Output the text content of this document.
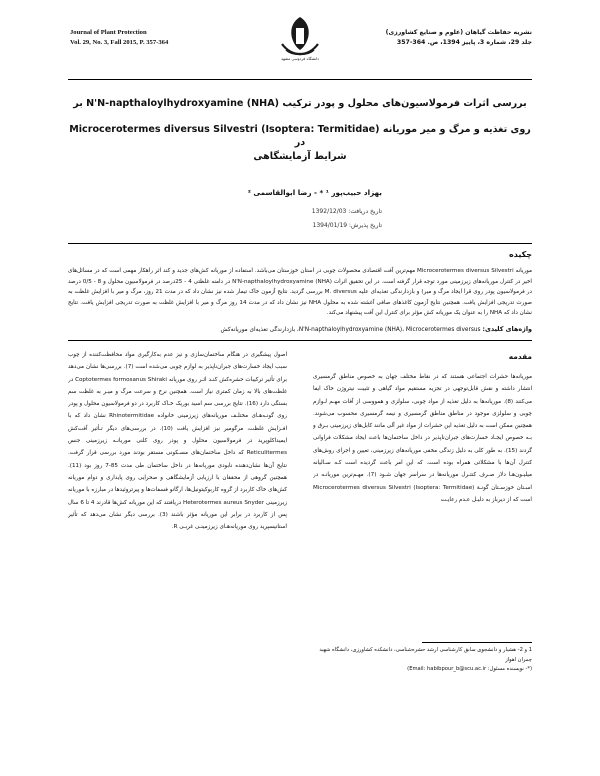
Journal of Plant Protection
Vol. 29, No. 3, Fall 2015, P. 357-364
دانشگاه فردوسی مشهد
نشریه حفاظت گیاهان (علوم و صنایع کشاورزی)
جلد 29، شماره 3، پاییز 1394، ص. 364-357
بررسی اثرات فرمولاسیون‌های محلول و پودر ترکیب N'N-napthaloylhydroxyamine (NHA) بر
روی تغذیه و مرگ و میر موریانه Microcerotermes diversus Silvestri (Isoptera: Termitidae) در
شرایط آزمایشگاهی
بهزاد حبیب‌پور ¹ * - رضا ابوالقاسمی ²
تاریخ دریافت: 1392/12/03
تاریخ پذیرش: 1394/01/19
چکیده
موریانه Microcerotermes diversus Silvestri مهم‌ترین آفت اقتصادی محصولات چوبی در استان خوزستان می‌باشد. استفاده از موریانه کش‌های جدید و کند اثر راهکار مهمی است که در مسائل‌های اخیر در کنترل موریانه‌های زیرزمینی مورد توجه قرار گرفته است. در این تحقیق اثرات N'N-napthaloylhydroxyamine (NHA) در دامنه غلظتی 4 - 25درصد در فرمولاسیون محلول و 8 - 0/5 درصد در فرمولاسیون پودر روی قرا ایجاد مرگ و میر) و بازدارندگی تغذیه‌ای علیه M. diversus بررسی گردید. نتایج آزمون خاک تیمار شده نیز نشان داد که در مدت 21 روز، مرگ و میر با افزایش غلظت به صورت تدریجی افزایش یافت. همچنین نتایج آزمون کاغذهای صافی آغشته شده به محلول NHA نیز نشان داد که در مدت 14 روز مرگ و میر با افزایش غلظت به صورت تدریجی افزایش یافت. نتایج نشان داد که NHA را به عنوان یک موریانه کش مؤثر برای کنترل این آفت پیشنهاد می‌کند.
واژه‌های کلیدی: N'N-napthaloylhydroxyamine (NHA)، Microcerotermes diversus، بازدارندگی تغذیه‌ای موریانه‌کش
مقدمه
موریانه‌ها حشرات اجتماعی هستند که در نقاط مختلف جهان به خصوص مناطق گرمسیری انتشار داشته و نقش قابل‌توجهی در تجزیه مستقیم مواد گیاهی و تثبیت نیتروژن خاک ایفا می‌کنند (8). موریانه‌ها به دلیل تغذیه از مواد چوبی، سلولزی و همووسی از آفات مهـم لـوازم چوبی و سلولزی موجود در مناطق مناطق گرمسیری و نیمه گرمسیری محسوب می‌شوند. همچنین ممکن است به دلیل تغذیه این حشرات از مواد غیر آلی مانند کابل‌های زیرزمینی بـرق و بـه خصوص ایجـاد خسارت‌های جبران‌ناپذیر در داخل ساختمان‌ها باعث ایجاد مشکلات فراوانی گردند (15). به طور کلی به دلیل زندگی مخفی موریانه‌های زیرزمینی، تعیین و اجرای روش‌های کنترل آن‌ها با مشکلاتی همراه بوده است. که این امر باعث گردیده است کـه سـالیانه میلیـون‌هـا دلار صـرف کنتـرل موریانه‌ها در سراسر جهان شـود (7). مهـم‌ترین موریانـه در اسـتان خوزسـتان گونـة Microcerotermes diversus Silvestri (Isoptera: Termitidae) است که از دیرباز به دلیـل عـدم رعایـت
اصول پیشگیری در هنگام ساختمان‌سازی و نیز عدم به‌کارگیری مواد محافظت‌کننده از چوب سبب ایجاد خسارت‌های جبران‌ناپذیر به لوازم چوبی می‌شده است (7). بررسی‌ها نشان می‌دهد برای تأثیر ترکیبات حشره‌کش کنـد اثـر روی موریانه Coptotermes formosanus Shiraki در غلظت‌های بالا به زمان کمتری نیاز است. همچنین نرخ و سرعت مرگ و میـر به غلظت سم بستگی دارد (16). نتایج بررسی سم اسید بوریک خـاک کاربرد در دو فرمولاسیون محلول و پودر روی گونـه‌هـای مختلـف موریانه‌های زیرزمینی خانواده Rhinotermitidae نشان داد که با افـزایش غلظت، مرگومیر نیز افزایش یافت (10). در بررسی‌های دیگر تـأثیر آفت‌کش ایمیداکلوپرید در فرمولاسیون محلول و پودر روی کلنی موریانـه زیرزمینی جنس Reticulitermes که داخل ساختمان‌های مسـکونی مستقر بودند مورد بررسی قرار گرفت. نتایج آن‌ها نشان‌دهنده نابودی موریانه‌ها در داخل ساختمان طی مدت 85-7 روز بود (11). همچنین گروهی از محققان با ارزیابی آزمایشگاهی و صحرایی روی پایداری و دوام موریانه کش‌های خاک کاربرد از گروه کاربوکیتونیل‌ها، ارگانو فسفات‌ها و پیرتروئیدها در مبارزه با موریانه زیرزمینی Heterotermes aureus Snyder دریافتند که این موریانه کش‌ها قادرند 4 تا 6 سال پس از کاربرد در برابر این موریانه مؤثر باشند (3). بررسی دیگر نشان می‌دهد که تأثیر استانیسپرید روی موریانه‌هـای زیرزمینـی غربـی R.
1 و 2- هشیار و دانشجوی سابق کارشناسی ارشد حشره‌شناسی، دانشکده کشاورزی، دانشگاه شهید چمران اهواز
(*- نویسنده مسئول: Email: habibpour_b@scu.ac.ir)
